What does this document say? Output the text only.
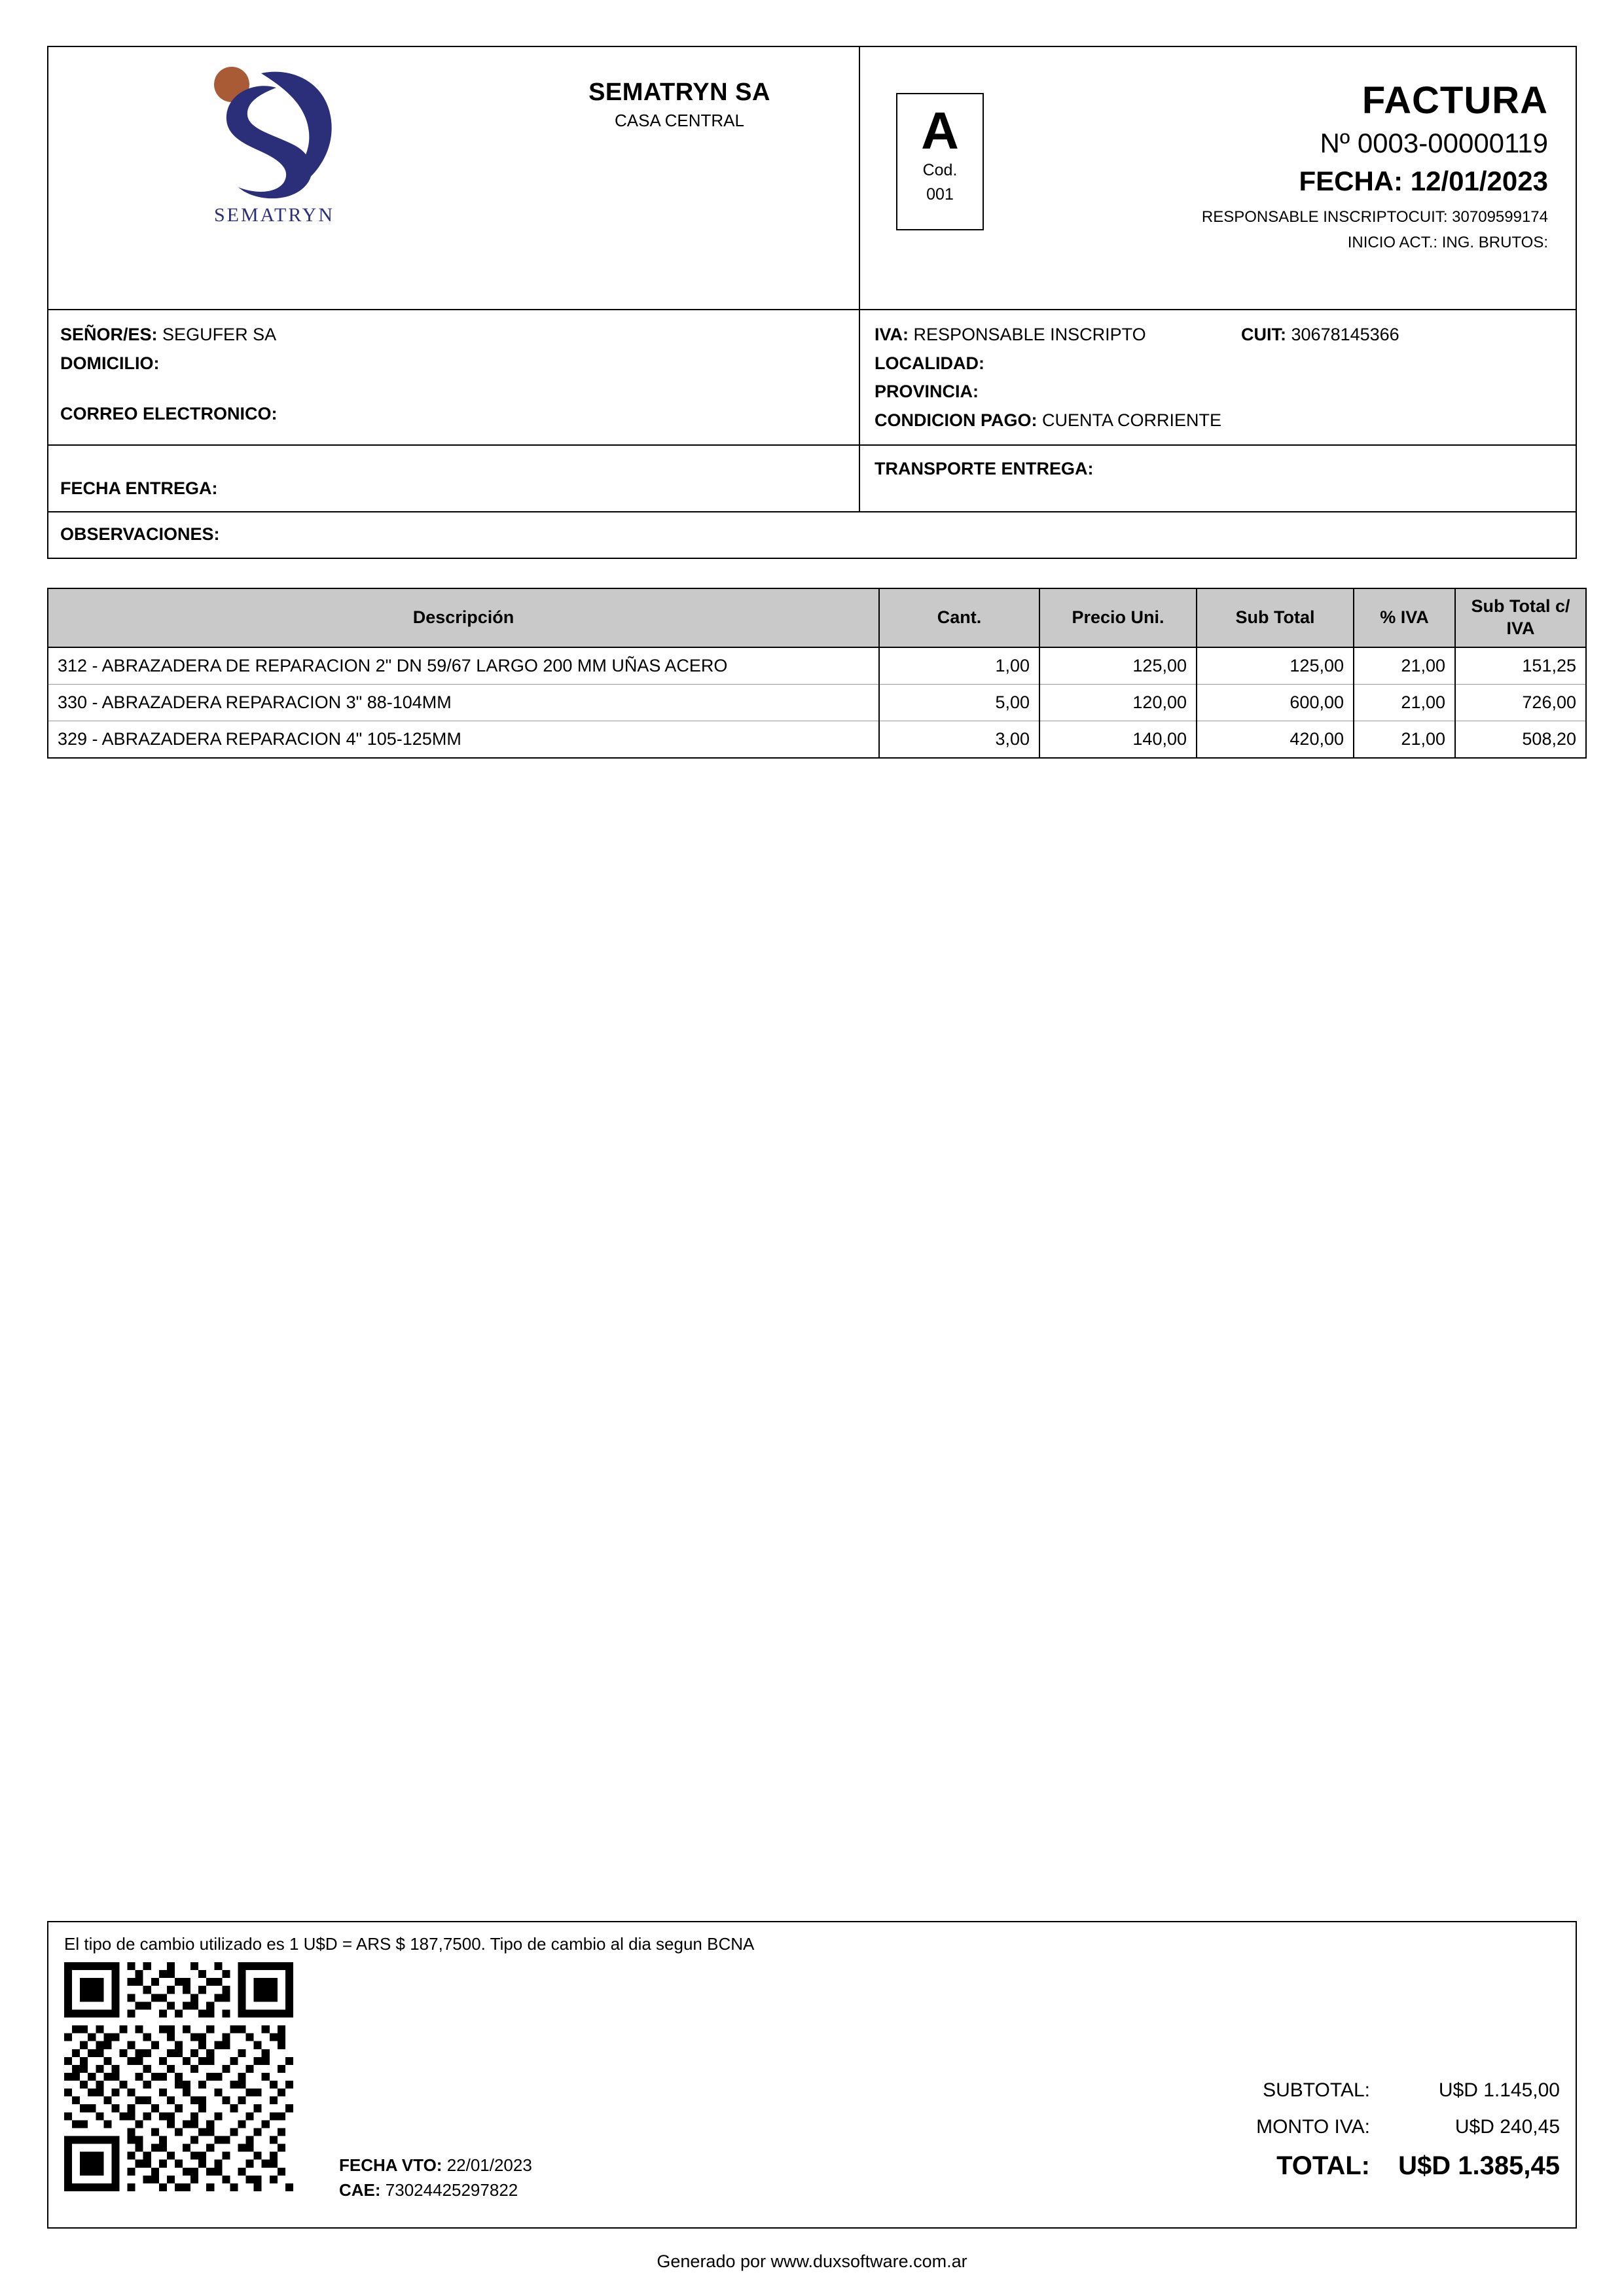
SEMATRYN
SEMATRYN SA
CASA CENTRAL	A
Cod.
001
FACTURA
Nº 0003-00000119
FECHA: 12/01/2023
RESPONSABLE INSCRIPTOCUIT: 30709599174
INICIO ACT.: ING. BRUTOS:
SEÑOR/ES: SEGUFER SA
DOMICILIO:
CORREO ELECTRONICO:
IVA: RESPONSABLE INSCRIPTO	CUIT: 30678145366
LOCALIDAD:
PROVINCIA:
CONDICION PAGO: CUENTA CORRIENTE
FECHA ENTREGA:
TRANSPORTE ENTREGA:
OBSERVACIONES:
Descripción	Cant.	Precio Uni.	Sub Total	% IVA	Sub Total c/ IVA
312 - ABRAZADERA DE REPARACION 2" DN 59/67 LARGO 200 MM UÑAS ACERO	1,00	125,00	125,00	21,00	151,25
330 - ABRAZADERA REPARACION 3" 88-104MM	5,00	120,00	600,00	21,00	726,00
329 - ABRAZADERA REPARACION 4" 105-125MM	3,00	140,00	420,00	21,00	508,20
El tipo de cambio utilizado es 1 U$D = ARS $ 187,7500. Tipo de cambio al dia segun BCNA
FECHA VTO: 22/01/2023
CAE: 73024425297822
SUBTOTAL:	U$D 1.145,00
MONTO IVA:	U$D 240,45
TOTAL:	U$D 1.385,45
Generado por www.duxsoftware.com.ar
